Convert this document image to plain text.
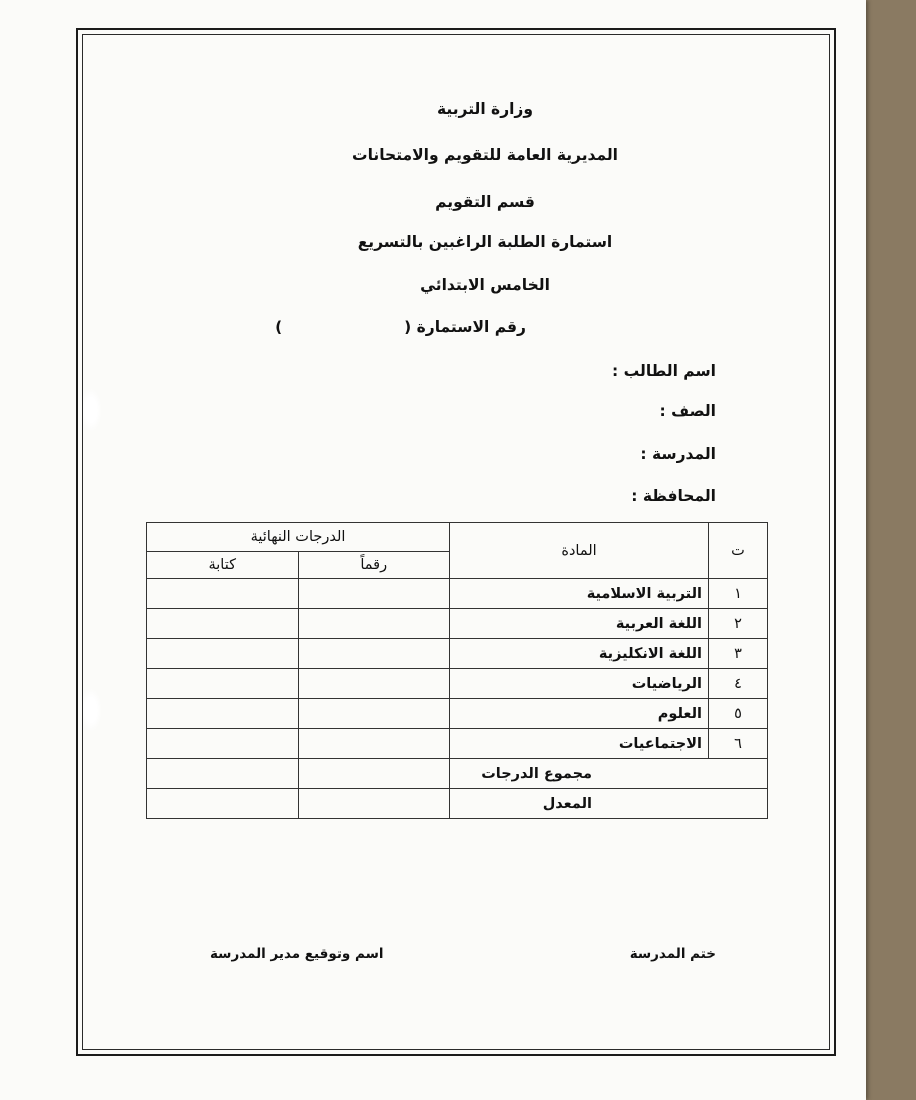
وزارة التربية
المديرية العامة للتقويم والامتحانات
قسم التقويم
استمارة الطلبة الراغبين بالتسريع
الخامس الابتدائي
رقم الاستمارة ()
اسم الطالب :
الصف :
المدرسة :
المحافظة :
ت	المادة	الدرجات النهائية	
		رقماً	كتابة
١	التربية الاسلامية		
٢	اللغة العربية		
٣	اللغة الانكليزية		
٤	الرياضيات		
٥	العلوم		
٦	الاجتماعيات		
مجموع الدرجات			
المعدل			
ختم المدرسة
اسم وتوقيع مدير المدرسة
